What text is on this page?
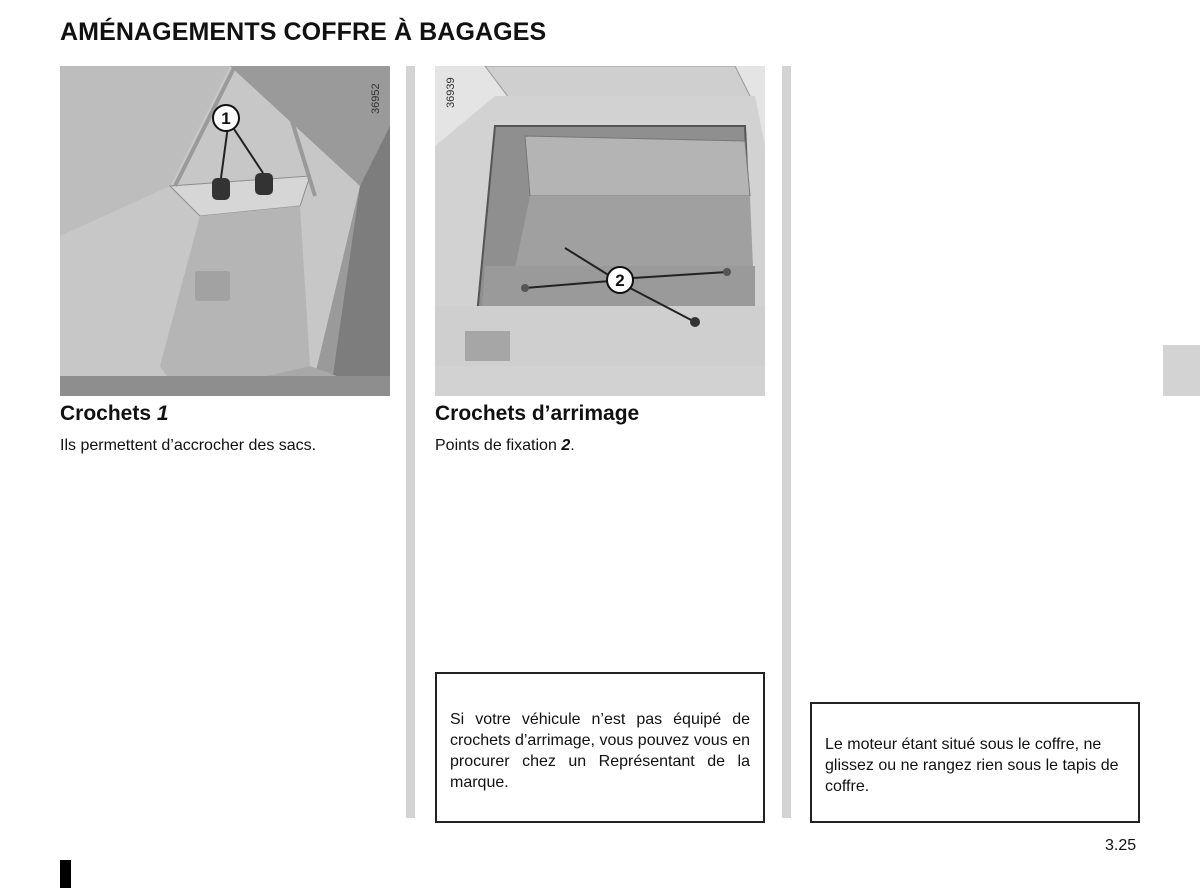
AMÉNAGEMENTS COFFRE À BAGAGES
1
36952
2
36939
Crochets 1
Ils permettent d’accrocher des sacs.
Crochets d’arrimage
Points de fixation 2.
Si votre véhicule n’est pas équipé de crochets d’arrimage, vous pouvez vous en procurer chez un Représentant de la marque.
Le moteur étant situé sous le coffre, ne glissez ou ne rangez rien sous le tapis de coffre.
3.25
